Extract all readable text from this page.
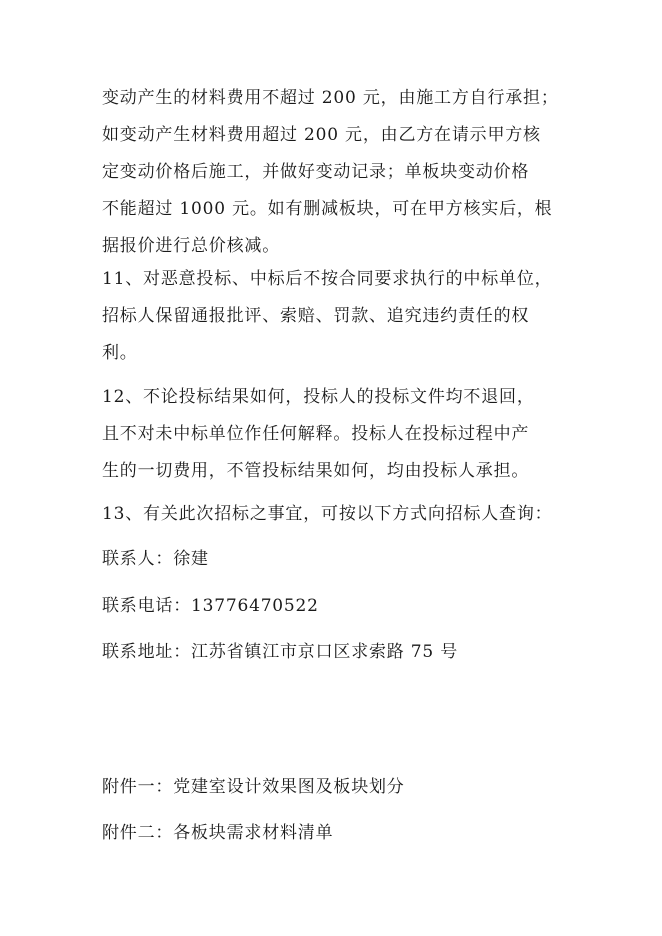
变动产生的材料费用不超过 200 元，由施工方自行承担；
如变动产生材料费用超过 200 元，由乙方在请示甲方核
定变动价格后施工，并做好变动记录；单板块变动价格
不能超过 1000 元。如有删减板块，可在甲方核实后，根
据报价进行总价核减。
11、对恶意投标、中标后不按合同要求执行的中标单位，
招标人保留通报批评、索赔、罚款、追究违约责任的权
利。
12、不论投标结果如何，投标人的投标文件均不退回，
且不对未中标单位作任何解释。投标人在投标过程中产
生的一切费用，不管投标结果如何，均由投标人承担。
13、有关此次招标之事宜，可按以下方式向招标人查询：
联系人：徐建
联系电话：13776470522
联系地址：江苏省镇江市京口区求索路 75 号
附件一：党建室设计效果图及板块划分
附件二：各板块需求材料清单
